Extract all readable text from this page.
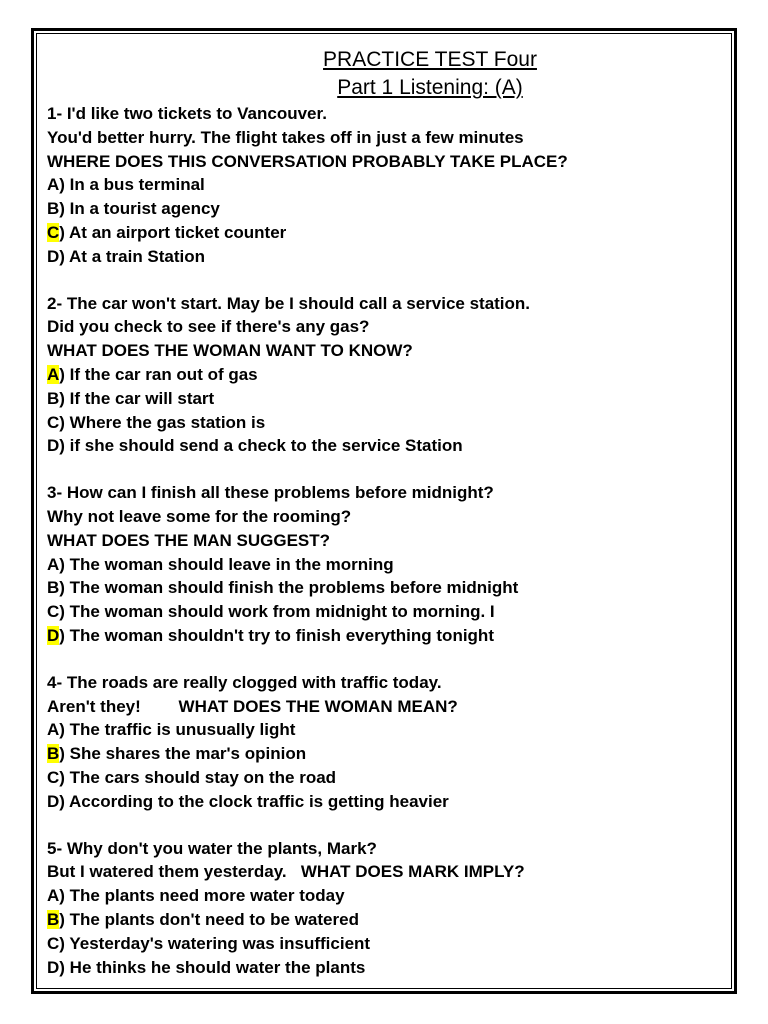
PRACTICE TEST Four
Part 1 Listening: (A)
1- I'd like two tickets to Vancouver.
You'd better hurry. The flight takes off in just a few minutes
WHERE DOES THIS CONVERSATION PROBABLY TAKE PLACE?
A) In a bus terminal
B) In a tourist agency
C) At an airport ticket counter
D) At a train Station
2- The car won't start. May be I should call a service station.
Did you check to see if there's any gas?
WHAT DOES THE WOMAN WANT TO KNOW?
A) If the car ran out of gas
B) If the car will start
C) Where the gas station is
D) if she should send a check to the service Station
3- How can I finish all these problems before midnight?
Why not leave some for the rooming?
WHAT DOES THE MAN SUGGEST?
A) The woman should leave in the morning
B) The woman should finish the problems before midnight
C) The woman should work from midnight to morning. I
D) The woman shouldn't try to finish everything tonight
4- The roads are really clogged with traffic today.
Aren't they!        WHAT DOES THE WOMAN MEAN?
A) The traffic is unusually light
B) She shares the mar's opinion
C) The cars should stay on the road
D) According to the clock traffic is getting heavier
5- Why don't you water the plants, Mark?
But I watered them yesterday.   WHAT DOES MARK IMPLY?
A) The plants need more water today
B) The plants don't need to be watered
C) Yesterday's watering was insufficient
D) He thinks he should water the plants
